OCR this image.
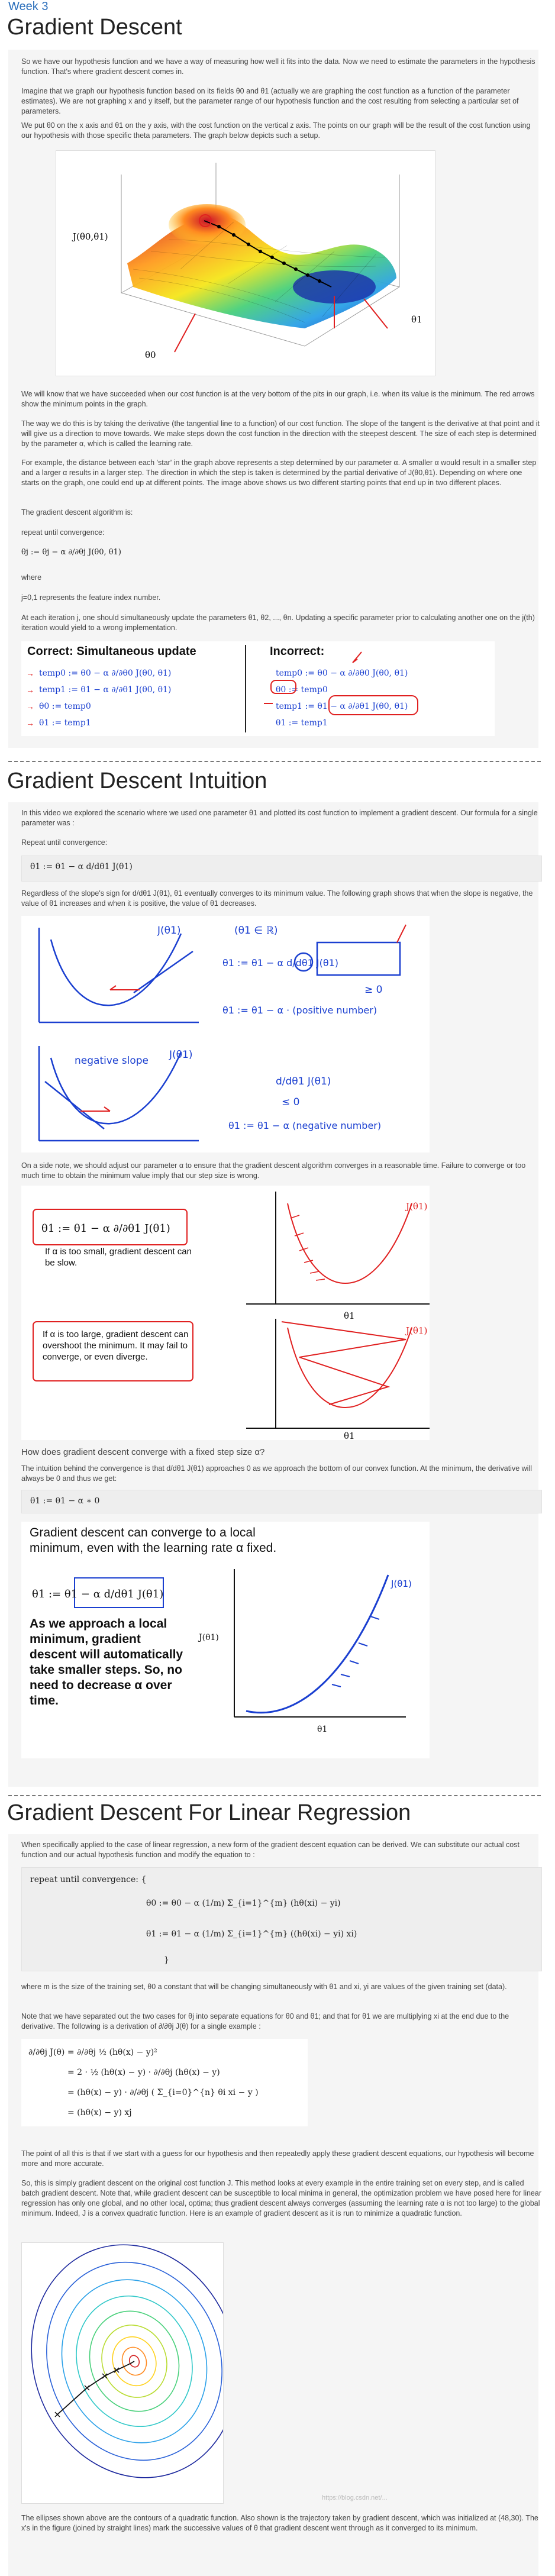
Week 3
Gradient Descent

So we have our hypothesis function and we have a way of measuring how well it fits into the data. Now we need to estimate the parameters in the hypothesis function. That's where gradient descent comes in.

Imagine that we graph our hypothesis function based on its fields θ0 and θ1 (actually we are graphing the cost function as a function of the parameter estimates). We are not graphing x and y itself, but the parameter range of our hypothesis function and the cost resulting from selecting a particular set of parameters.

We put θ0 on the x axis and θ1 on the y axis, with the cost function on the vertical z axis. The points on our graph will be the result of the cost function using our hypothesis with those specific theta parameters. The graph below depicts such a setup.

J(θ0,θ1)
θ0
θ1

We will know that we have succeeded when our cost function is at the very bottom of the pits in our graph, i.e. when its value is the minimum. The red arrows show the minimum points in the graph.

The way we do this is by taking the derivative (the tangential line to a function) of our cost function. The slope of the tangent is the derivative at that point and it will give us a direction to move towards. We make steps down the cost function in the direction with the steepest descent. The size of each step is determined by the parameter α, which is called the learning rate.

For example, the distance between each 'star' in the graph above represents a step determined by our parameter α. A smaller α would result in a smaller step and a larger α results in a larger step. The direction in which the step is taken is determined by the partial derivative of J(θ0,θ1). Depending on where one starts on the graph, one could end up at different points. The image above shows us two different starting points that end up in two different places.

The gradient descent algorithm is:

repeat until convergence:

θj := θj − α ∂/∂θj J(θ0, θ1)

where

j=0,1 represents the feature index number.

At each iteration j, one should simultaneously update the parameters θ1, θ2, ..., θn. Updating a specific parameter prior to calculating another one on the j(th) iteration would yield to a wrong implementation.

Correct: Simultaneous update
temp0 := θ0 − α ∂/∂θ0 J(θ0, θ1)
temp1 := θ1 − α ∂/∂θ1 J(θ0, θ1)
θ0 := temp0
θ1 := temp1
→
→
→
→
Incorrect:
temp0 := θ0 − α ∂/∂θ0 J(θ0, θ1)
θ0 := temp0
temp1 := θ1 − α ∂/∂θ1 J(θ0, θ1)
θ1 := temp1
Gradient Descent Intuition

In this video we explored the scenario where we used one parameter θ1 and plotted its cost function to implement a gradient descent. Our formula for a single parameter was :

Repeat until convergence:

θ1 := θ1 − α d/dθ1 J(θ1)

Regardless of the slope's sign for d/dθ1 J(θ1), θ1 eventually converges to its minimum value. The following graph shows that when the slope is negative, the value of θ1 increases and when it is positive, the value of θ1 decreases.

J(θ1)	(θ1 ∈ ℝ)
θ1 := θ1 − α d/dθ1 J(θ1)
≥ 0
θ1 := θ1 − α · (positive number)
negative slope J(θ1)
d/dθ1 J(θ1)
≤ 0
θ1 := θ1 − α (negative number)

On a side note, we should adjust our parameter α to ensure that the gradient descent algorithm converges in a reasonable time. Failure to converge or too much time to obtain the minimum value imply that our step size is wrong.

θ1 := θ1 − α ∂/∂θ1 J(θ1)
If α is too small, gradient descent can be slow.
If α is too large, gradient descent can overshoot the minimum. It may fail to converge, or even diverge.
J(θ1)
θ1
J(θ1)
θ1

How does gradient descent converge with a fixed step size α?

The intuition behind the convergence is that d/dθ1 J(θ1) approaches 0 as we approach the bottom of our convex function. At the minimum, the derivative will always be 0 and thus we get:

θ1 := θ1 − α ∗ 0
Gradient descent can converge to a local minimum, even with the learning rate α fixed.
θ1 := θ1 − α d/dθ1 J(θ1)
As we approach a local minimum, gradient descent will automatically take smaller steps. So, no need to decrease α over time.
J(θ1)
θ1
J(θ1)
Gradient Descent For Linear Regression

When specifically applied to the case of linear regression, a new form of the gradient descent equation can be derived. We can substitute our actual cost function and our actual hypothesis function and modify the equation to :

repeat until convergence: {
θ0 := θ0 − α (1/m) Σ_{i=1}^{m} (hθ(xi) − yi)
θ1 := θ1 − α (1/m) Σ_{i=1}^{m} ((hθ(xi) − yi) xi)
}

where m is the size of the training set, θ0 a constant that will be changing simultaneously with θ1 and xi, yi are values of the given training set (data).

Note that we have separated out the two cases for θj into separate equations for θ0 and θ1; and that for θ1 we are multiplying xi at the end due to the derivative. The following is a derivation of ∂/∂θj J(θ) for a single example :

∂/∂θj J(θ) = ∂/∂θj ½ (hθ(x) − y)²
= 2 · ½ (hθ(x) − y) · ∂/∂θj (hθ(x) − y)
= (hθ(x) − y) · ∂/∂θj ( Σ_{i=0}^{n} θi xi − y )
= (hθ(x) − y) xj

The point of all this is that if we start with a guess for our hypothesis and then repeatedly apply these gradient descent equations, our hypothesis will become more and more accurate.

So, this is simply gradient descent on the original cost function J. This method looks at every example in the entire training set on every step, and is called batch gradient descent. Note that, while gradient descent can be susceptible to local minima in general, the optimization problem we have posed here for linear regression has only one global, and no other local, optima; thus gradient descent always converges (assuming the learning rate α is not too large) to the global minimum. Indeed, J is a convex quadratic function. Here is an example of gradient descent as it is run to minimize a quadratic function.

https://blog.csdn.net/...

The ellipses shown above are the contours of a quadratic function. Also shown is the trajectory taken by gradient descent, which was initialized at (48,30). The x's in the figure (joined by straight lines) mark the successive values of θ that gradient descent went through as it converged to its minimum.
